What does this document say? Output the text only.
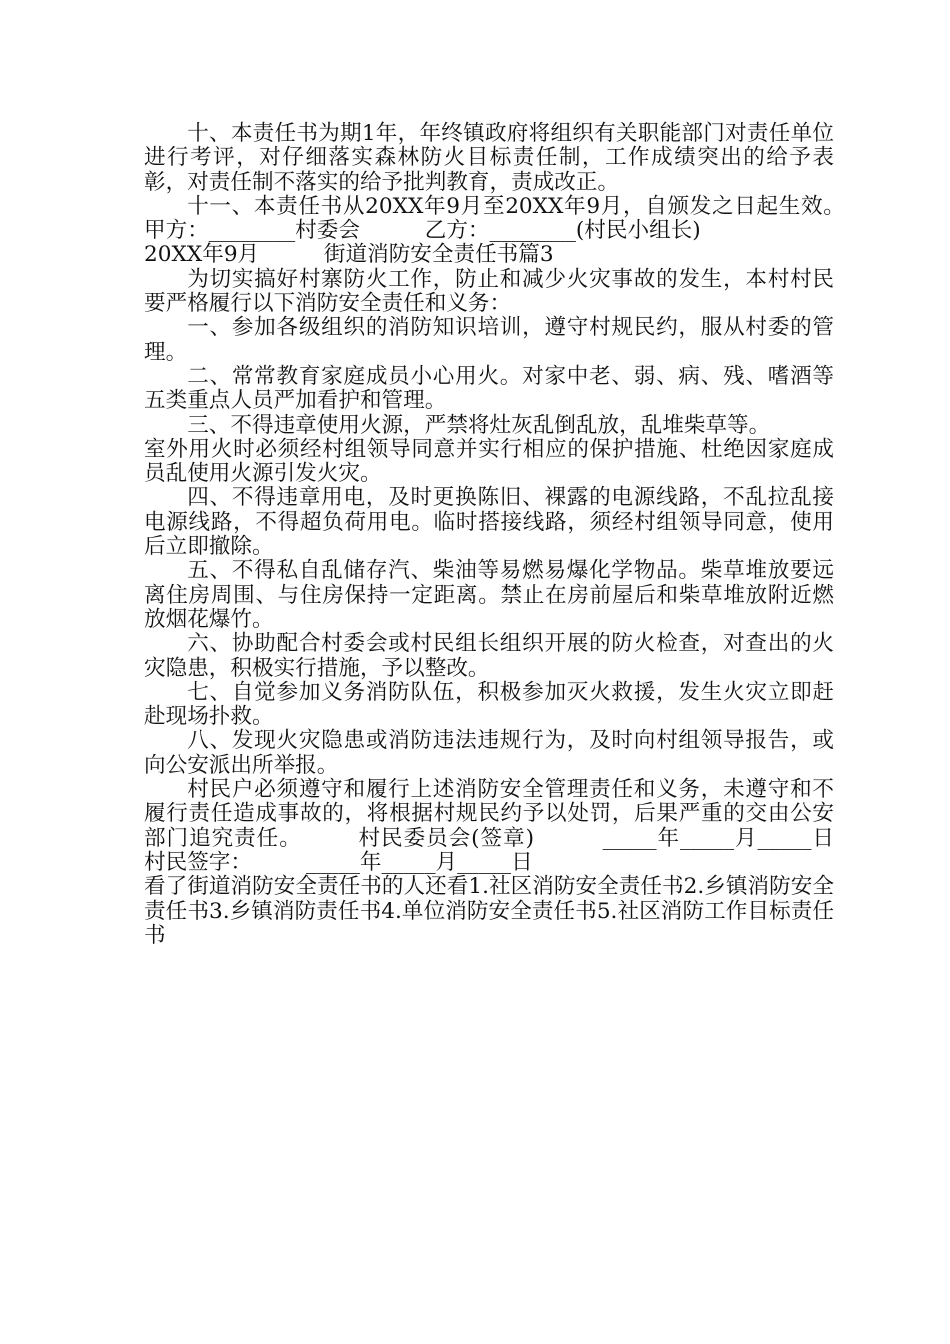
十、本责任书为期1年，年终镇政府将组织有关职能部门对责任单位进行考评，对仔细落实森林防火目标责任制，工作成绩突出的给予表彰，对责任制不落实的给予批判教育，责成改正。

十一、本责任书从20XX年9月至20XX年9月，自颁发之日起生效。　　　甲方：________村委会　　　乙方：________(村民小组长)

20XX年9月　　　街道消防安全责任书篇3

为切实搞好村寨防火工作，防止和减少火灾事故的发生，本村村民要严格履行以下消防安全责任和义务：

一、参加各级组织的消防知识培训，遵守村规民约，服从村委的管理。

二、常常教育家庭成员小心用火。对家中老、弱、病、残、嗜酒等五类重点人员严加看护和管理。

三、不得违章使用火源，严禁将灶灰乱倒乱放，乱堆柴草等。

室外用火时必须经村组领导同意并实行相应的保护措施、杜绝因家庭成员乱使用火源引发火灾。

四、不得违章用电，及时更换陈旧、裸露的电源线路，不乱拉乱接电源线路，不得超负荷用电。临时搭接线路，须经村组领导同意，使用后立即撤除。

五、不得私自乱储存汽、柴油等易燃易爆化学物品。柴草堆放要远离住房周围、与住房保持一定距离。禁止在房前屋后和柴草堆放附近燃放烟花爆竹。

六、协助配合村委会或村民组长组织开展的防火检查，对查出的火灾隐患，积极实行措施，予以整改。

七、自觉参加义务消防队伍，积极参加灭火救援，发生火灾立即赶赴现场扑救。

八、发现火灾隐患或消防违法违规行为，及时向村组领导报告，或向公安派出所举报。

村民户必须遵守和履行上述消防安全管理责任和义务，未遵守和不履行责任造成事故的，将根据村规民约予以处罚，后果严重的交由公安部门追究责任。　　　村民委员会(签章)　　　_____年_____月_____日　　　村民签字：　　　_____年_____月_____日

看了街道消防安全责任书的人还看1.社区消防安全责任书2.乡镇消防安全责任书3.乡镇消防责任书4.单位消防安全责任书5.社区消防工作目标责任书
